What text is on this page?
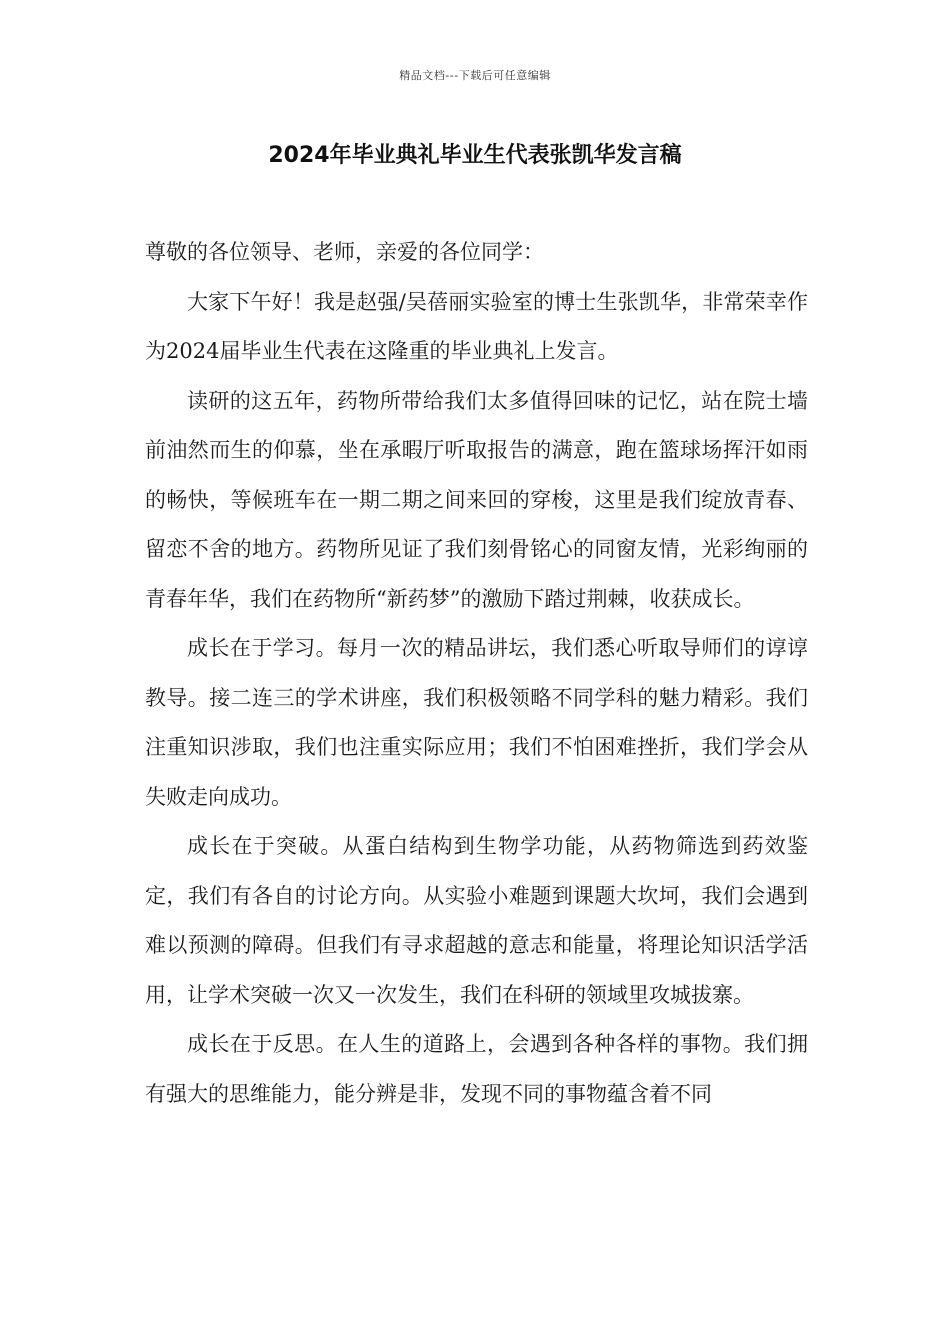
精品文档---下载后可任意编辑
2024年毕业典礼毕业生代表张凯华发言稿

尊敬的各位领导、老师，亲爱的各位同学：

大家下午好！我是赵强/吴蓓丽实验室的博士生张凯华，非常荣幸作为2024届毕业生代表在这隆重的毕业典礼上发言。

读研的这五年，药物所带给我们太多值得回味的记忆，站在院士墙前油然而生的仰慕，坐在承暇厅听取报告的满意，跑在篮球场挥汗如雨的畅快，等候班车在一期二期之间来回的穿梭，这里是我们绽放青春、留恋不舍的地方。药物所见证了我们刻骨铭心的同窗友情，光彩绚丽的青春年华，我们在药物所“新药梦”的激励下踏过荆棘，收获成长。

成长在于学习。每月一次的精品讲坛，我们悉心听取导师们的谆谆教导。接二连三的学术讲座，我们积极领略不同学科的魅力精彩。我们注重知识涉取，我们也注重实际应用；我们不怕困难挫折，我们学会从失败走向成功。

成长在于突破。从蛋白结构到生物学功能，从药物筛选到药效鉴定，我们有各自的讨论方向。从实验小难题到课题大坎坷，我们会遇到难以预测的障碍。但我们有寻求超越的意志和能量，将理论知识活学活用，让学术突破一次又一次发生，我们在科研的领域里攻城拔寨。

成长在于反思。在人生的道路上，会遇到各种各样的事物。我们拥有强大的思维能力，能分辨是非，发现不同的事物蕴含着不同
